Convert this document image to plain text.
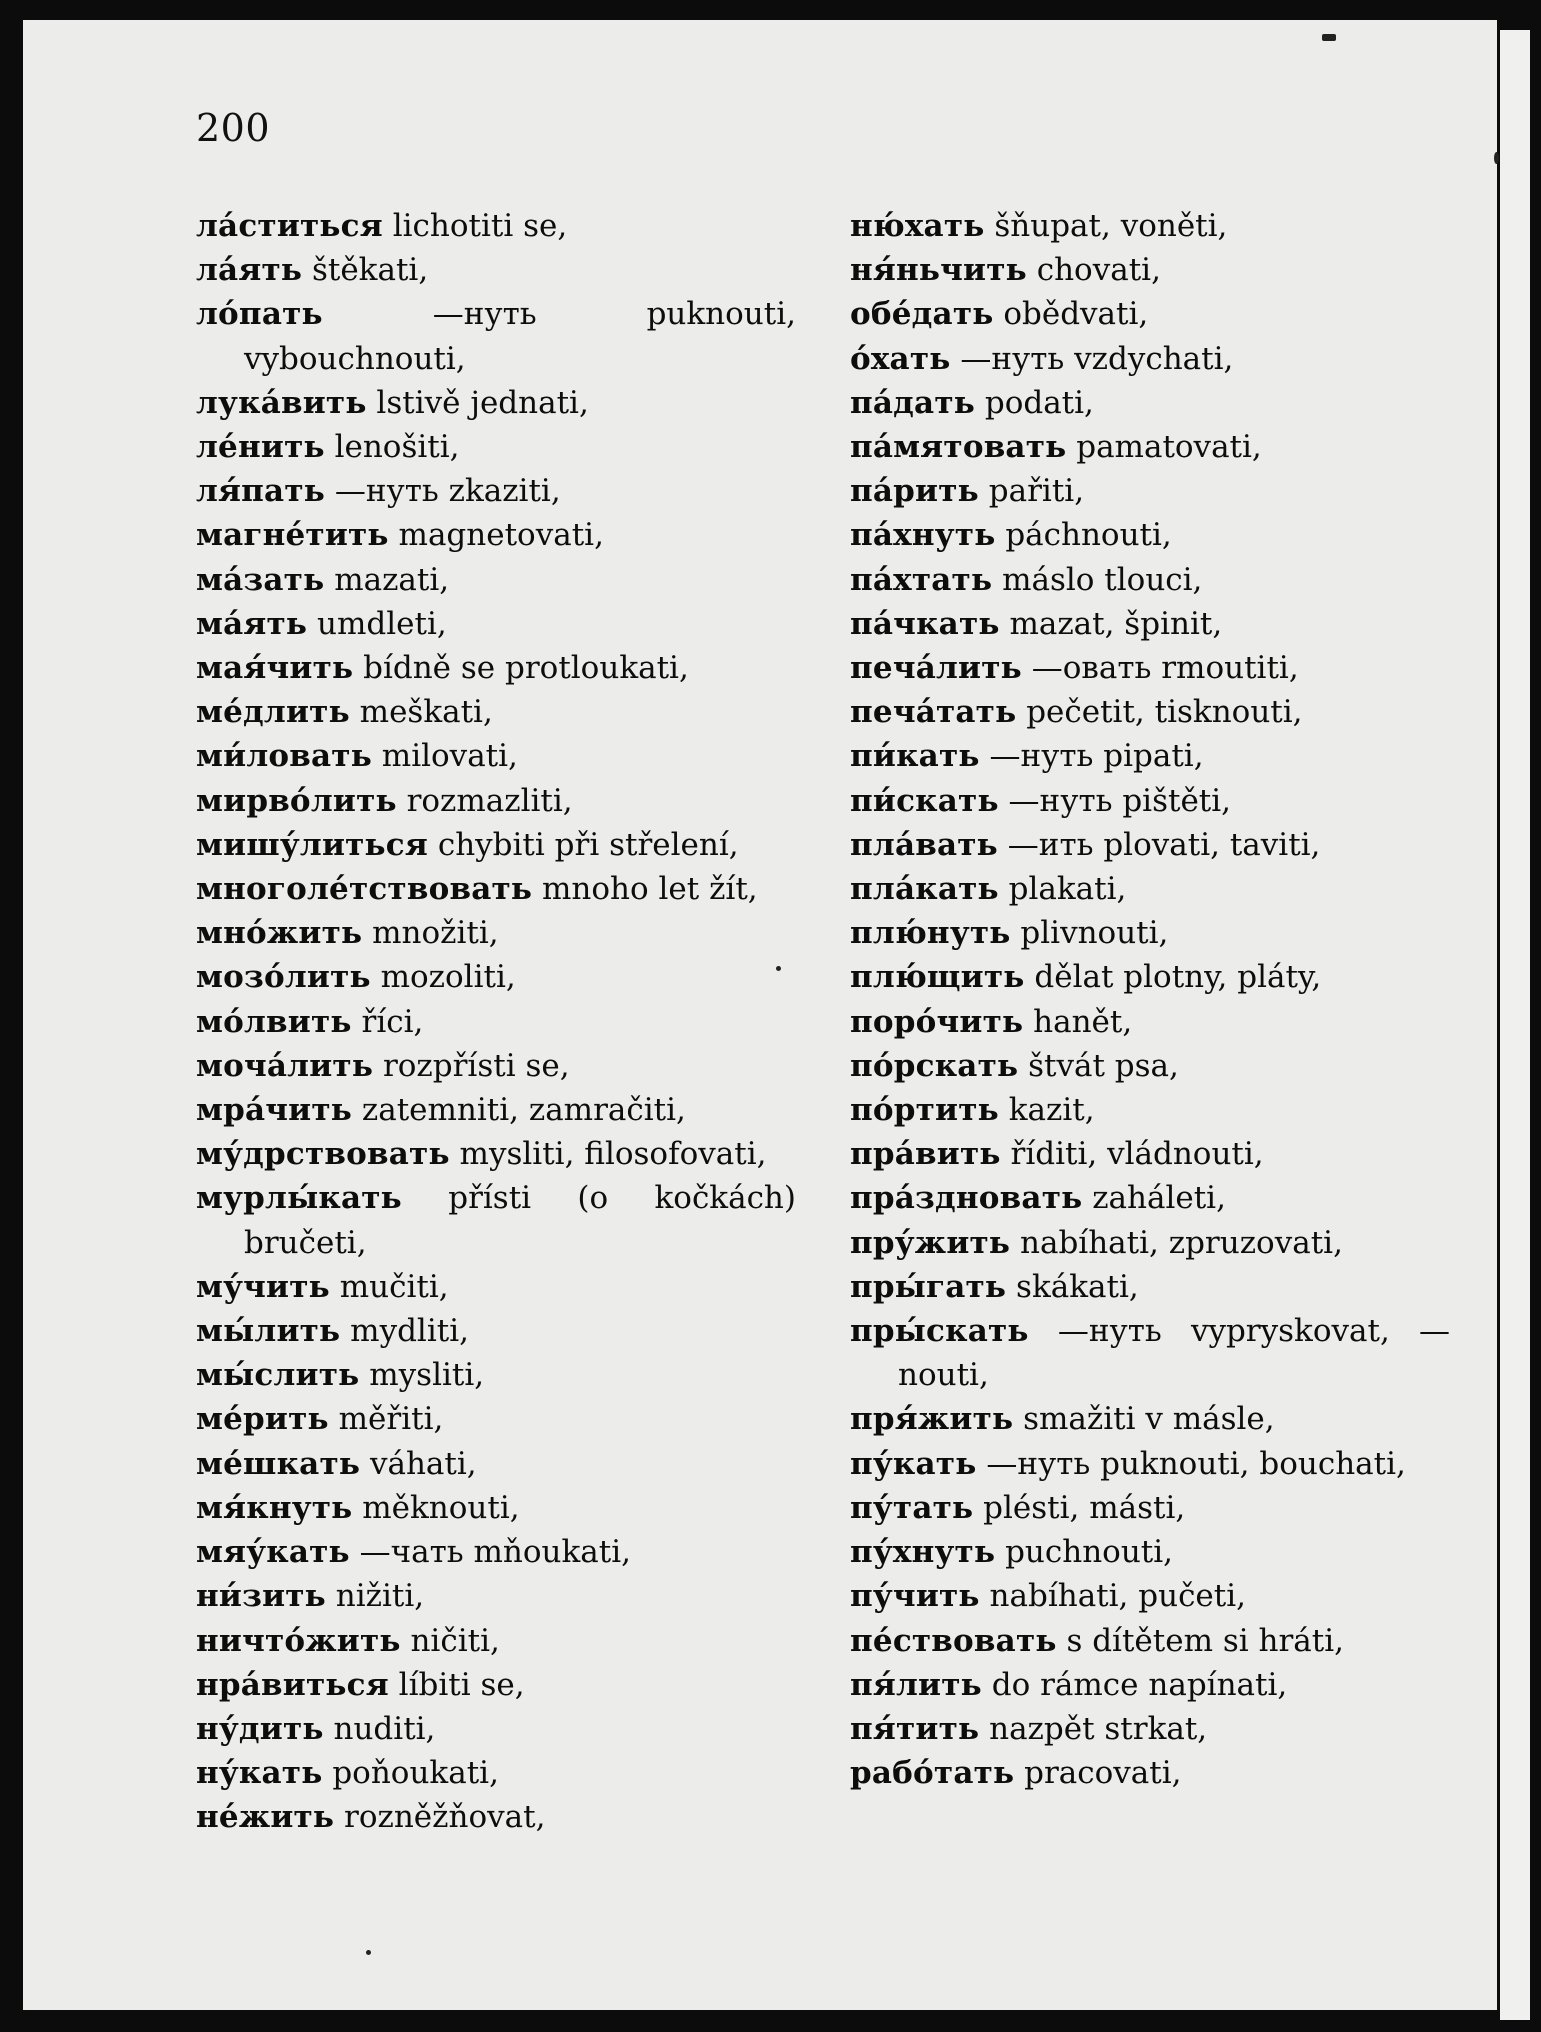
200

ла́ститься lichotiti se,

ла́ять štěkati,

ло́пать	—нуть puknouti, vybouchnouti,

лука́вить lstivě jednati,

ле́нить lenošiti,

ля́пать —нуть zkaziti,

магне́тить magnetovati,

ма́зать mazati,

ма́ять umdleti,

мая́чить bídně se protloukati,

ме́длить meškati,

ми́ловать milovati,

мирво́лить rozmazliti,

мишу́литься chybiti při střelení,

многоле́тствовать mnoho let žít,

мно́жить množiti,

мозо́лить mozoliti,

мо́лвить říci,

моча́лить rozpřísti se,

мра́чить zatemniti, zamračiti,

му́дрствовать mysliti, filosofovati,

мурлы́кать přísti (o kočkách) bručeti,

му́чить mučiti,

мы́лить mydliti,

мы́слить mysliti,

ме́рить měřiti,

ме́шкать váhati,

мя́кнуть měknouti,

мяу́кать —чать mňoukati,

ни́зить nižiti,

ничто́жить ničiti,

нра́виться líbiti se,

ну́дить nuditi,

ну́кать poňoukati,

не́жить rozněžňovat,

ню́хать šňupat, voněti,

ня́ньчить chovati,

обе́дать obědvati,

о́хать —нуть vzdychati,

па́дать podati,

па́мятовать pamatovati,

па́рить pařiti,

па́хнуть páchnouti,

па́хтать máslo tlouci,

па́чкать mazat, špinit,

печа́лить —овать rmoutiti,

печа́тать pečetit, tisknouti,

пи́кать —нуть pipati,

пи́скать —нуть pištěti,

пла́вать —ить plovati, taviti,

пла́кать plakati,

плю́нуть plivnouti,

плю́щить dělat plotny, pláty,

поро́чить hanět,

по́рскать štvát psa,

по́ртить kazit,

пра́вить říditi, vládnouti,

пра́здновать zaháleti,

пру́жить nabíhati, zpruzovati,

пры́гать skákati,

пры́скать —нуть vypryskovat, —nouti,

пря́жить smažiti v másle,

пу́кать —нуть puknouti, bouchati,

пу́тать plésti, másti,

пу́хнуть puchnouti,

пу́чить nabíhati, pučeti,

пе́ствовать s dítětem si hráti,

пя́лить do rámce napínati,

пя́тить nazpět strkat,

рабо́тать pracovati,
